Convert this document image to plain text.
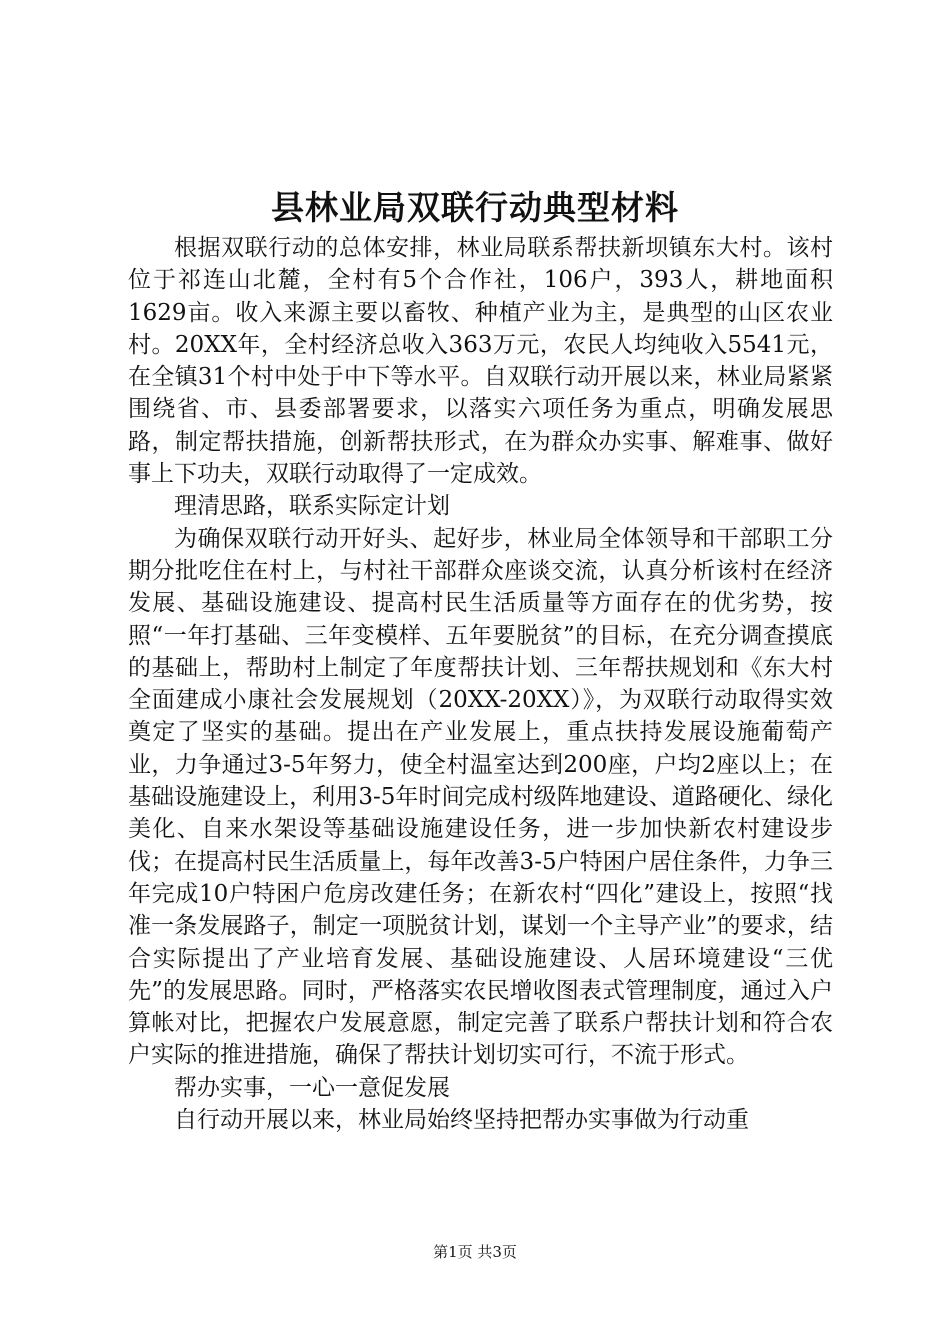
县林业局双联行动典型材料

根据双联行动的总体安排，林业局联系帮扶新坝镇东大村。该村位于祁连山北麓，全村有5个合作社，106户，393人，耕地面积1629亩。收入来源主要以畜牧、种植产业为主，是典型的山区农业村。20XX年，全村经济总收入363万元，农民人均纯收入5541元，在全镇31个村中处于中下等水平。自双联行动开展以来，林业局紧紧围绕省、市、县委部署要求，以落实六项任务为重点，明确发展思路，制定帮扶措施，创新帮扶形式，在为群众办实事、解难事、做好事上下功夫，双联行动取得了一定成效。

理清思路，联系实际定计划

为确保双联行动开好头、起好步，林业局全体领导和干部职工分期分批吃住在村上，与村社干部群众座谈交流，认真分析该村在经济发展、基础设施建设、提高村民生活质量等方面存在的优劣势，按照“一年打基础、三年变模样、五年要脱贫”的目标，在充分调查摸底的基础上，帮助村上制定了年度帮扶计划、三年帮扶规划和《东大村全面建成小康社会发展规划（20XX-20XX）》，为双联行动取得实效奠定了坚实的基础。提出在产业发展上，重点扶持发展设施葡萄产业，力争通过3-5年努力，使全村温室达到200座，户均2座以上；在基础设施建设上，利用3-5年时间完成村级阵地建设、道路硬化、绿化美化、自来水架设等基础设施建设任务，进一步加快新农村建设步伐；在提高村民生活质量上，每年改善3-5户特困户居住条件，力争三年完成10户特困户危房改建任务；在新农村“四化”建设上，按照“找准一条发展路子，制定一项脱贫计划，谋划一个主导产业”的要求，结合实际提出了产业培育发展、基础设施建设、人居环境建设“三优先”的发展思路。同时，严格落实农民增收图表式管理制度，通过入户算帐对比，把握农户发展意愿，制定完善了联系户帮扶计划和符合农户实际的推进措施，确保了帮扶计划切实可行，不流于形式。

帮办实事，一心一意促发展

自行动开展以来，林业局始终坚持把帮办实事做为行动重

第1页 共3页
